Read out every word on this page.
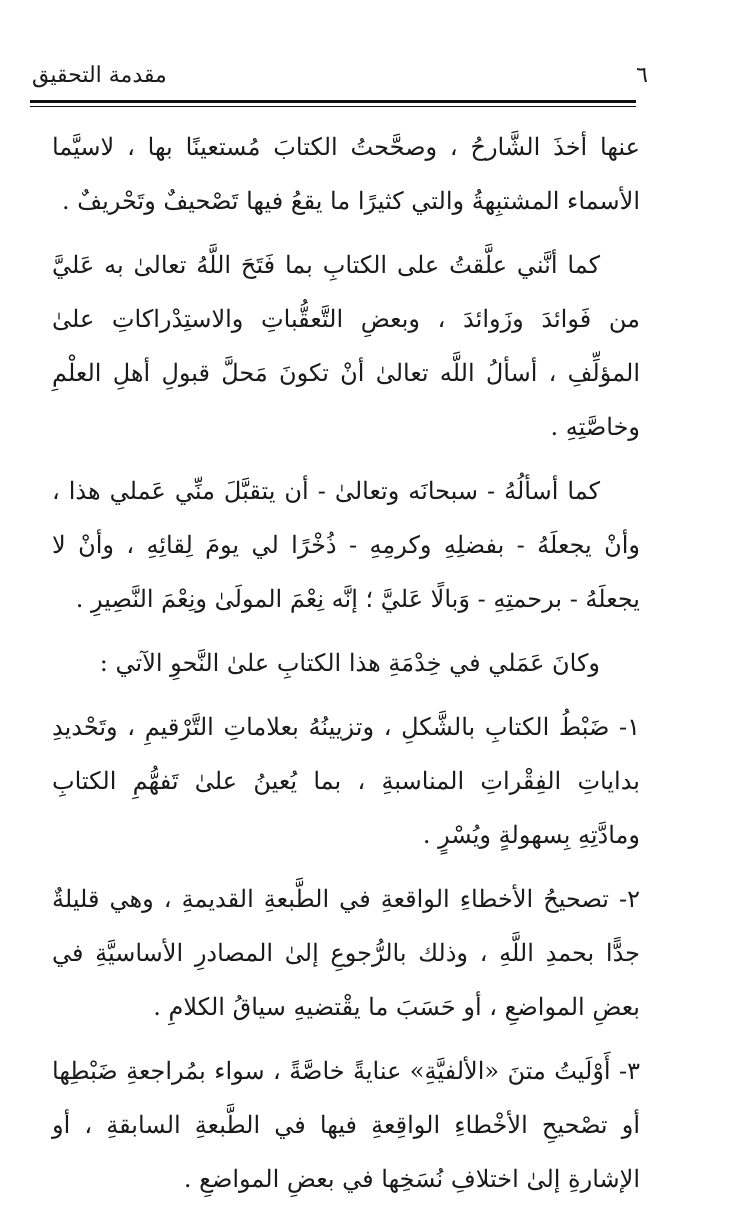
٦
مقدمة التحقيق

عنها أخذَ الشَّارحُ ، وصحَّحتُ الكتابَ مُستعينًا بها ، لاسيَّما الأسماء المشتبِهةُ والتي كثيرًا ما يقعُ فيها تَصْحيفٌ وتَحْريفٌ .

كما أنَّني علَّقتُ على الكتابِ بما فَتَحَ اللَّهُ تعالىٰ به عَليَّ من فَوائدَ وزَوائدَ ، وبعضِ التَّعقُّباتِ والاستِدْراكاتِ علىٰ المؤلِّفِ ، أسألُ اللَّه تعالىٰ أنْ تكونَ مَحلَّ قبولِ أهلِ العلْمِ وخاصَّتِهِ .

كما أسألُهُ - سبحانَه وتعالىٰ - أن يتقبَّلَ منِّي عَملي هذا ، وأنْ يجعلَهُ - بفضلِهِ وكرمِهِ - ذُخْرًا لي يومَ لِقائِهِ ، وأنْ لا يجعلَهُ - برحمتِهِ - وَبالًا عَليَّ ؛ إنَّه نِعْمَ المولَىٰ ونِعْمَ النَّصِيرِ .

وكانَ عَمَلي في خِدْمَةِ هذا الكتابِ علىٰ النَّحوِ الآتي :

١- ضَبْطُ الكتابِ بالشَّكلِ ، وتزيينُهُ بعلاماتِ التَّرْقيمِ ، وتَحْديدِ بداياتِ الفِقْراتِ المناسبةِ ، بما يُعينُ علىٰ تَفهُّمِ الكتابِ ومادَّتِهِ بِسهولةٍ ويُسْرٍ .

٢- تصحيحُ الأخطاءِ الواقعةِ في الطَّبعةِ القديمةِ ، وهي قليلةٌ جدًّا بحمدِ اللَّهِ ، وذلك بالرُّجوعِ إلىٰ المصادرِ الأساسيَّةِ في بعضِ المواضعِ ، أو حَسَبَ ما يقْتضيهِ سياقُ الكلامِ .

٣- أَوْلَيتُ متنَ «الألفيَّةِ» عنايةً خاصَّةً ، سواء بمُراجعةِ ضَبْطِها أو تصْحيحِ الأخْطاءِ الواقِعةِ فيها في الطَّبعةِ السابقةِ ، أو الإشارةِ إلىٰ اختلافِ نُسَخِها في بعضِ المواضعِ .
